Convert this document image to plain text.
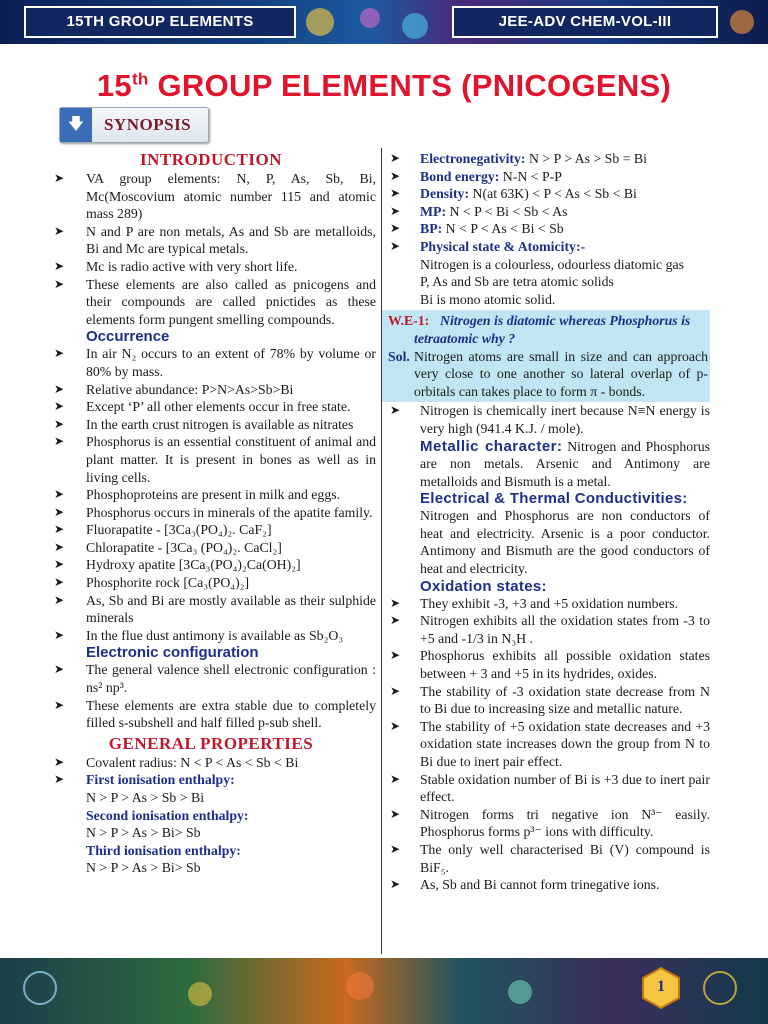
15TH GROUP ELEMENTS	JEE-ADV CHEM-VOL-III
15th GROUP ELEMENTS (PNICOGENS)
🡇	SYNOPSIS
INTRODUCTION
➤ VA group elements: N, P, As, Sb, Bi, Mc(Moscovium atomic number 115 and atomic mass 289)
➤ N and P are non metals, As and Sb are metalloids, Bi and Mc are typical metals.
➤ Mc is radio active with very short life.
➤ These elements are also called as pnicogens and their compounds are called pnictides as these elements form pungent smelling compounds.
Occurrence
➤ In air N₂ occurs to an extent of 78% by volume or 80% by mass.
➤ Relative abundance: P>N>As>Sb>Bi
➤ Except ‘P’ all other elements occur in free state.
➤ In the earth crust nitrogen is available as nitrates
➤ Phosphorus is an essential constituent of animal and plant matter. It is present in bones as well as in living cells.
➤ Phosphoproteins are present in milk and eggs.
➤ Phosphorus occurs in minerals of the apatite family.
➤ Fluorapatite - [3Ca₃(PO₄)₂. CaF₂]
➤ Chlorapatite - [3Ca₃ (PO₄)₂. CaCl₂]
➤ Hydroxy apatite [3Ca₃(PO₄)₂Ca(OH)₂]
➤ Phosphorite rock [Ca₃(PO₄)₂]
➤ As, Sb and Bi are mostly available as their sulphide minerals
➤ In the flue dust antimony is available as Sb₂O₃
Electronic configuration
➤ The general valence shell electronic configuration : ns² np³.
➤ These elements are extra stable due to completely filled s-subshell and half filled p-sub shell.
GENERAL PROPERTIES
➤ Covalent radius: N < P < As < Sb < Bi
➤ First ionisation enthalpy:
N > P > As > Sb > Bi
Second ionisation enthalpy:
N > P > As > Bi> Sb
Third ionisation enthalpy:
N > P > As > Bi> Sb
➤ Electronegativity: N > P > As > Sb = Bi
➤ Bond energy: N-N < P-P
➤ Density: N(at 63K) < P < As < Sb < Bi
➤ MP: N < P < Bi < Sb < As
➤ BP: N < P < As < Bi < Sb
➤ Physical state & Atomicity:-
Nitrogen is a colourless, odourless diatomic gas
P, As and Sb are tetra atomic solids
Bi is mono atomic solid.
W.E-1: Nitrogen is diatomic whereas Phosphorus is tetraatomic why ?
Sol. Nitrogen atoms are small in size and can approach very close to one another so lateral overlap of p-orbitals can takes place to form π - bonds.
➤ Nitrogen is chemically inert because N≡N energy is very high (941.4 K.J. / mole).
Metallic character: Nitrogen and Phosphorus are non metals. Arsenic and Antimony are metalloids and Bismuth is a metal.
Electrical & Thermal Conductivities:
Nitrogen and Phosphorus are non conductors of heat and electricity. Arsenic is a poor conductor. Antimony and Bismuth are the good conductors of heat and electricity.
Oxidation states:
➤ They exhibit -3, +3 and +5 oxidation numbers.
➤ Nitrogen exhibits all the oxidation states from -3 to +5 and -1/3 in N₃H .
➤ Phosphorus exhibits all possible oxidation states between + 3 and +5 in its hydrides, oxides.
➤ The stability of -3 oxidation state decrease from N to Bi due to increasing size and metallic nature.
➤ The stability of +5 oxidation state decreases and +3 oxidation state increases down the group from N to Bi due to inert pair effect.
➤ Stable oxidation number of Bi is +3 due to inert pair effect.
➤ Nitrogen forms tri negative ion N³⁻ easily. Phosphorus forms p³⁻ ions with difficulty.
➤ The only well characterised Bi (V) compound is BiF₅.
➤ As, Sb and Bi cannot form trinegative ions.
1
